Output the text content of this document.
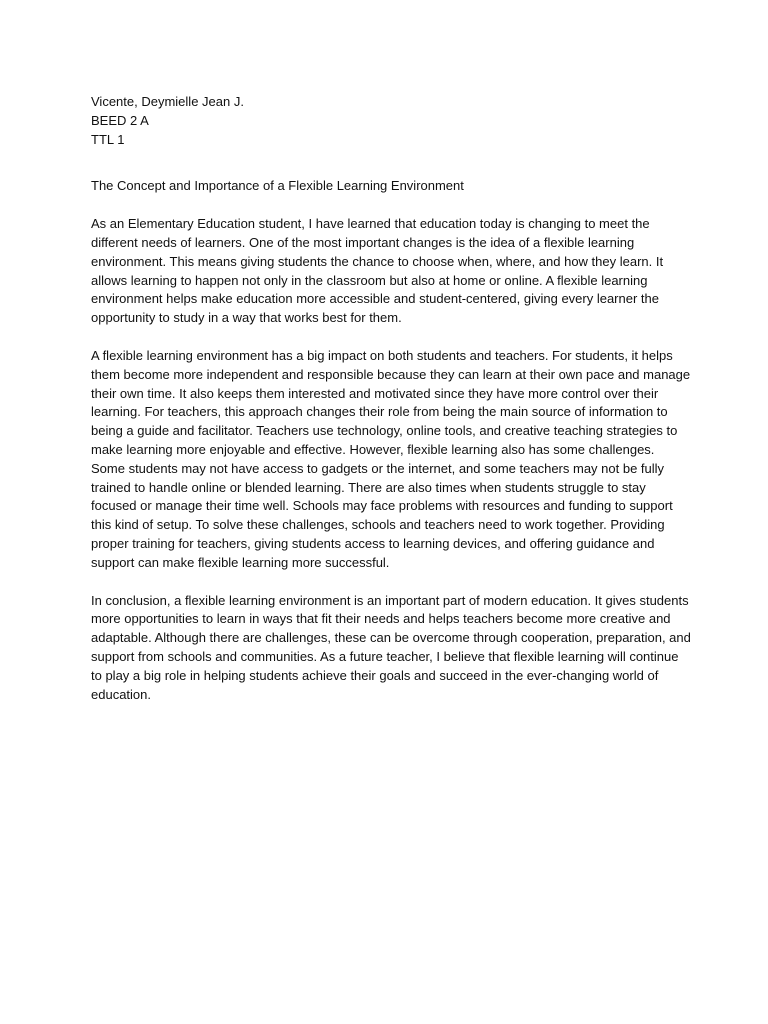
Vicente, Deymielle Jean J.

BEED 2 A

TTL 1

The Concept and Importance of a Flexible Learning Environment

As an Elementary Education student, I have learned that education today is changing to meet the different needs of learners. One of the most important changes is the idea of a flexible learning environment. This means giving students the chance to choose when, where, and how they learn. It allows learning to happen not only in the classroom but also at home or online. A flexible learning environment helps make education more accessible and student-centered, giving every learner the opportunity to study in a way that works best for them.

A flexible learning environment has a big impact on both students and teachers. For students, it helps them become more independent and responsible because they can learn at their own pace and manage their own time. It also keeps them interested and motivated since they have more control over their learning. For teachers, this approach changes their role from being the main source of information to being a guide and facilitator. Teachers use technology, online tools, and creative teaching strategies to make learning more enjoyable and effective. However, flexible learning also has some challenges. Some students may not have access to gadgets or the internet, and some teachers may not be fully trained to handle online or blended learning. There are also times when students struggle to stay focused or manage their time well. Schools may face problems with resources and funding to support this kind of setup. To solve these challenges, schools and teachers need to work together. Providing proper training for teachers, giving students access to learning devices, and offering guidance and support can make flexible learning more successful.

In conclusion, a flexible learning environment is an important part of modern education. It gives students more opportunities to learn in ways that fit their needs and helps teachers become more creative and adaptable. Although there are challenges, these can be overcome through cooperation, preparation, and support from schools and communities. As a future teacher, I believe that flexible learning will continue to play a big role in helping students achieve their goals and succeed in the ever-changing world of education.
